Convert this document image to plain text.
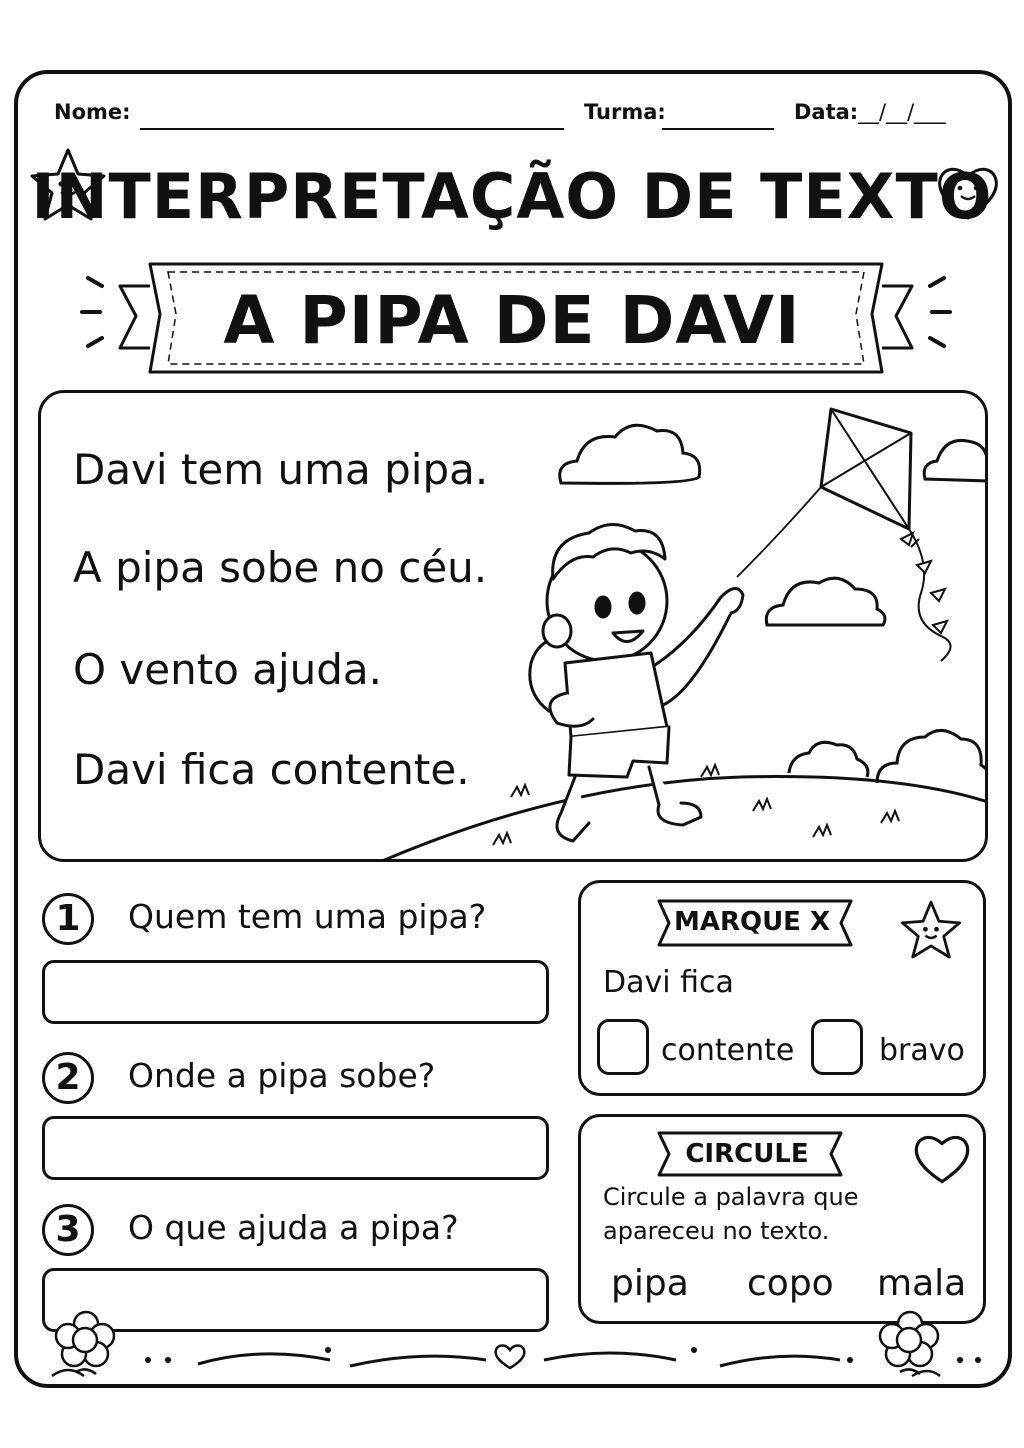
Nome:	Turma:	Data: __/__/___
INTERPRETAÇÃO DE TEXTO
A PIPA DE DAVI
Davi tem uma pipa.
A pipa sobe no céu.
O vento ajuda.
Davi fica contente.
1	Quem tem uma pipa?
2	Onde a pipa sobe?
3	O que ajuda a pipa?
MARQUE X
Davi fica
contente	bravo
CIRCULE
Circule a palavra que
apareceu no texto.
pipa copo mala
